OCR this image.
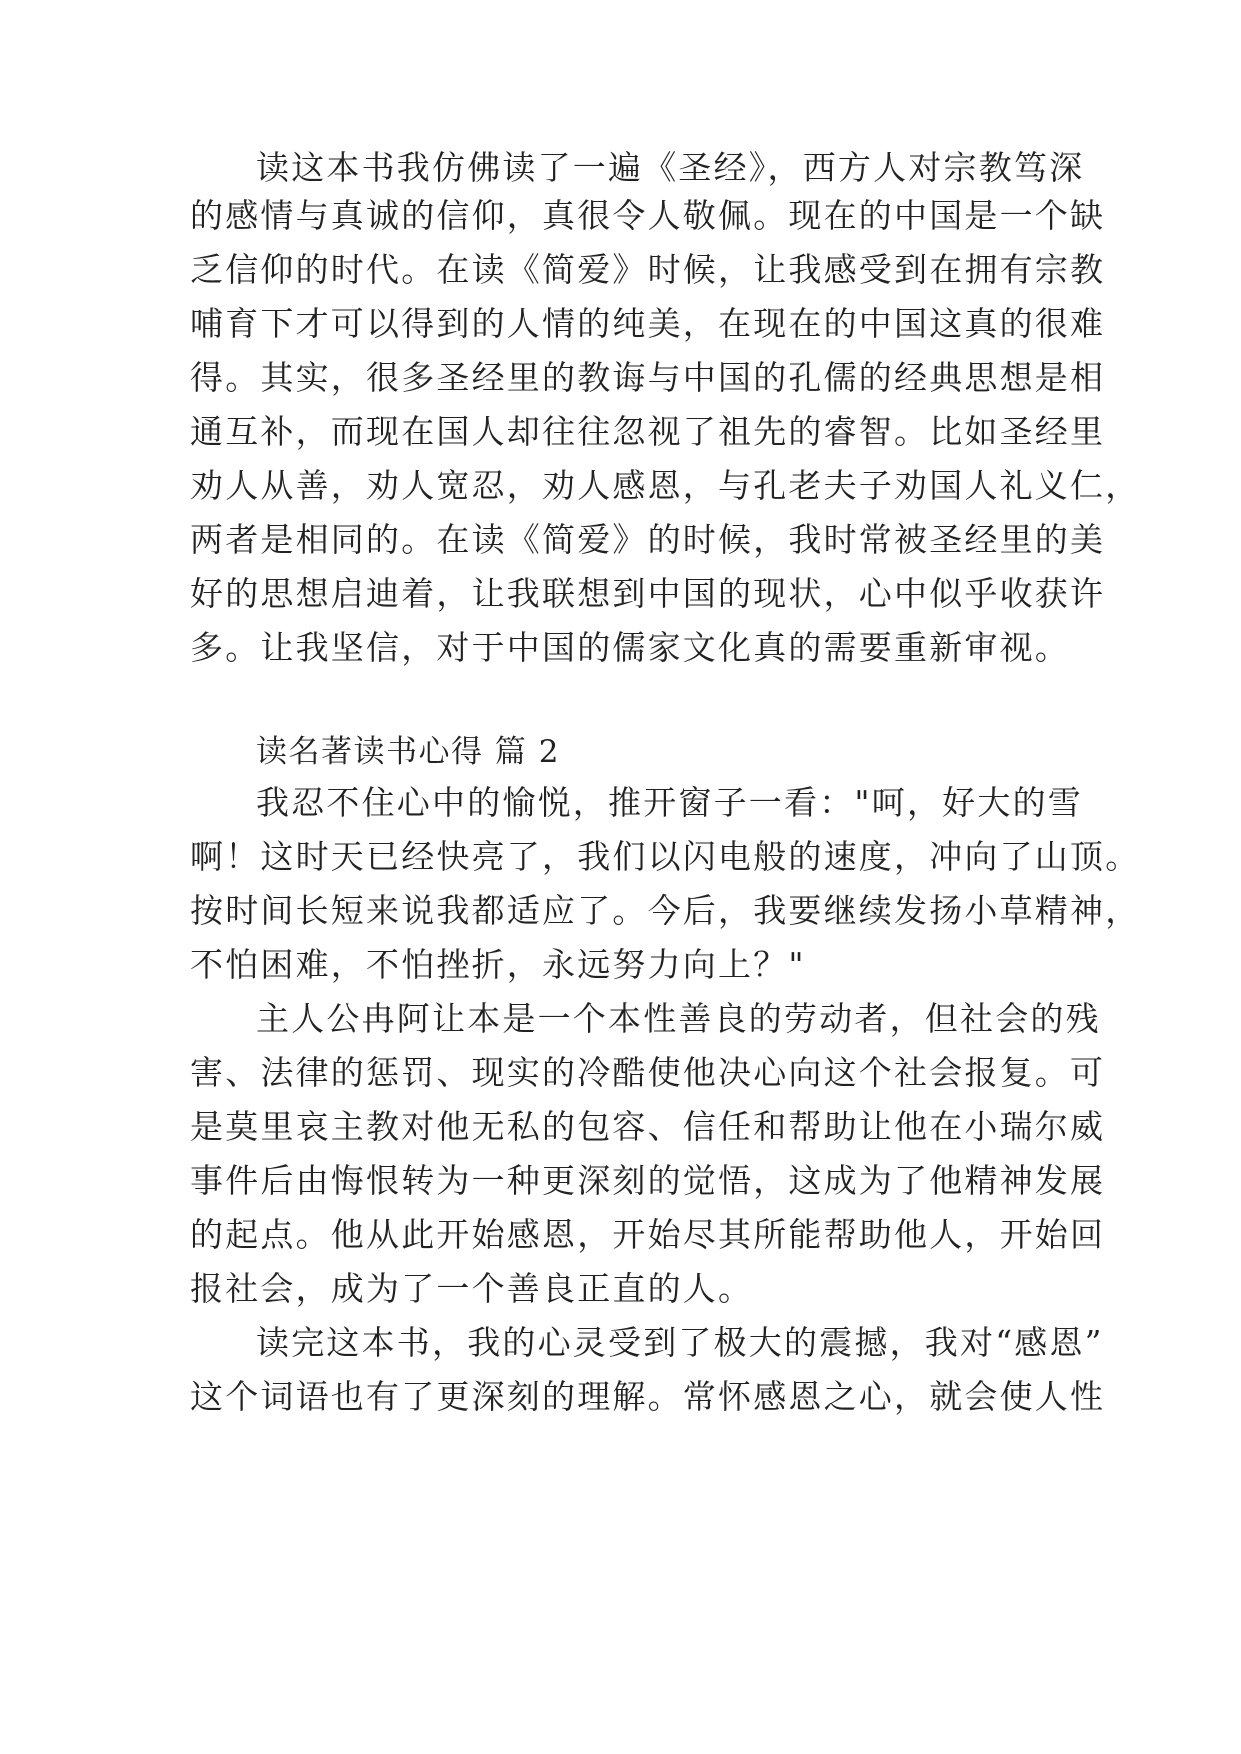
读这本书我仿佛读了一遍《圣经》，西方人对宗教笃深
的感情与真诚的信仰，真很令人敬佩。现在的中国是一个缺
乏信仰的时代。在读《简爱》时候，让我感受到在拥有宗教
哺育下才可以得到的人情的纯美，在现在的中国这真的很难
得。其实，很多圣经里的教诲与中国的孔儒的经典思想是相
通互补，而现在国人却往往忽视了祖先的睿智。比如圣经里
劝人从善，劝人宽忍，劝人感恩，与孔老夫子劝国人礼义仁，
两者是相同的。在读《简爱》的时候，我时常被圣经里的美
好的思想启迪着，让我联想到中国的现状，心中似乎收获许
多。让我坚信，对于中国的儒家文化真的需要重新审视。
读名著读书心得 篇 2
我忍不住心中的愉悦，推开窗子一看："呵，好大的雪
啊！这时天已经快亮了，我们以闪电般的速度，冲向了山顶。
按时间长短来说我都适应了。今后，我要继续发扬小草精神，
不怕困难，不怕挫折，永远努力向上？"
主人公冉阿让本是一个本性善良的劳动者，但社会的残
害、法律的惩罚、现实的冷酷使他决心向这个社会报复。可
是莫里哀主教对他无私的包容、信任和帮助让他在小瑞尔威
事件后由悔恨转为一种更深刻的觉悟，这成为了他精神发展
的起点。他从此开始感恩，开始尽其所能帮助他人，开始回
报社会，成为了一个善良正直的人。
读完这本书，我的心灵受到了极大的震撼，我对“感恩”
这个词语也有了更深刻的理解。常怀感恩之心，就会使人性
